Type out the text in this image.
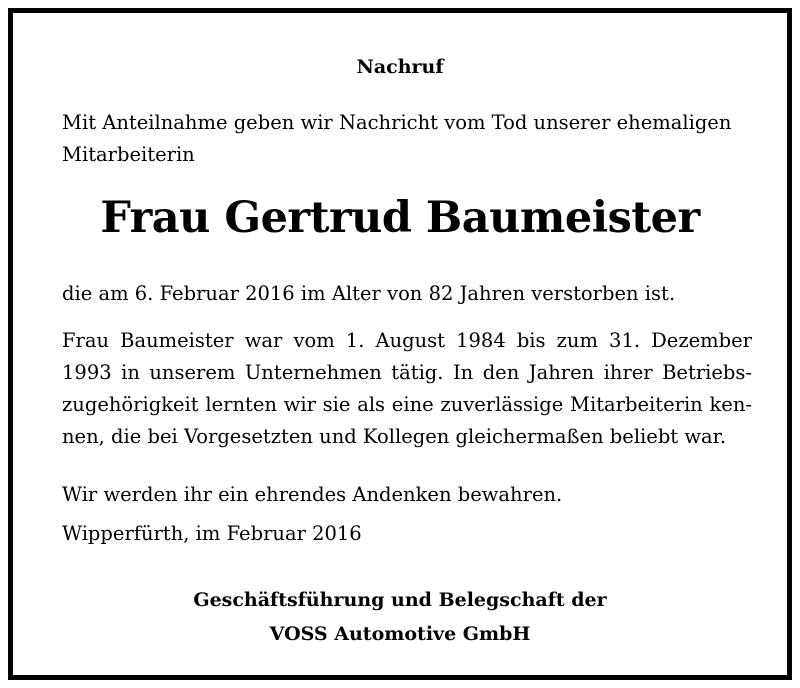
Nachruf

Mit Anteilnahme geben wir Nachricht vom Tod unserer ehemaligen Mitarbeiterin

Frau Gertrud Baumeister

die am 6. Februar 2016 im Alter von 82 Jahren verstorben ist.

Frau Baumeister war vom 1. August 1984 bis zum 31. Dezember 1993 in unserem Unternehmen tätig. In den Jahren ihrer Betriebszugehörigkeit lernten wir sie als eine zuverlässige Mitarbeiterin kennen, die bei Vorgesetzten und Kollegen gleichermaßen beliebt war.

Wir werden ihr ein ehrendes Andenken bewahren.

Wipperfürth, im Februar 2016

Geschäftsführung und Belegschaft der
VOSS Automotive GmbH
